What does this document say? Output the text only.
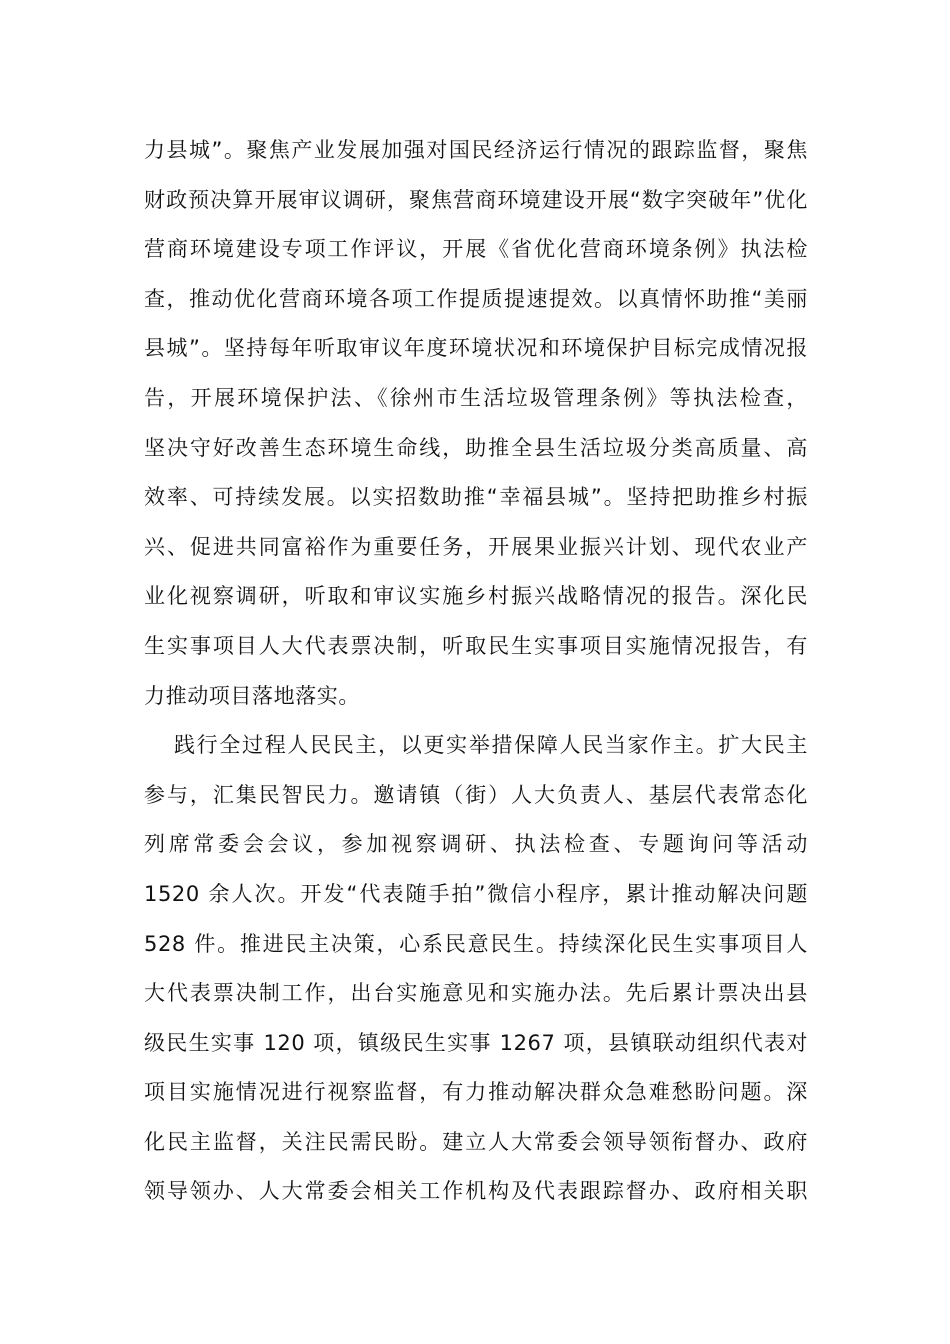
力县城”。聚焦产业发展加强对国民经济运行情况的跟踪监督，聚焦
财政预决算开展审议调研，聚焦营商环境建设开展“数字突破年”优化
营商环境建设专项工作评议，开展《省优化营商环境条例》执法检
查，推动优化营商环境各项工作提质提速提效。以真情怀助推“美丽
县城”。坚持每年听取审议年度环境状况和环境保护目标完成情况报
告，开展环境保护法、《徐州市生活垃圾管理条例》等执法检查，
坚决守好改善生态环境生命线，助推全县生活垃圾分类高质量、高
效率、可持续发展。以实招数助推“幸福县城”。坚持把助推乡村振
兴、促进共同富裕作为重要任务，开展果业振兴计划、现代农业产
业化视察调研，听取和审议实施乡村振兴战略情况的报告。深化民
生实事项目人大代表票决制，听取民生实事项目实施情况报告，有
力推动项目落地落实。
践行全过程人民民主，以更实举措保障人民当家作主。扩大民主
参与，汇集民智民力。邀请镇（街）人大负责人、基层代表常态化
列席常委会会议，参加视察调研、执法检查、专题询问等活动
1520 余人次。开发“代表随手拍”微信小程序，累计推动解决问题
528 件。推进民主决策，心系民意民生。持续深化民生实事项目人
大代表票决制工作，出台实施意见和实施办法。先后累计票决出县
级民生实事 120 项，镇级民生实事 1267 项，县镇联动组织代表对
项目实施情况进行视察监督，有力推动解决群众急难愁盼问题。深
化民主监督，关注民需民盼。建立人大常委会领导领衔督办、政府
领导领办、人大常委会相关工作机构及代表跟踪督办、政府相关职
